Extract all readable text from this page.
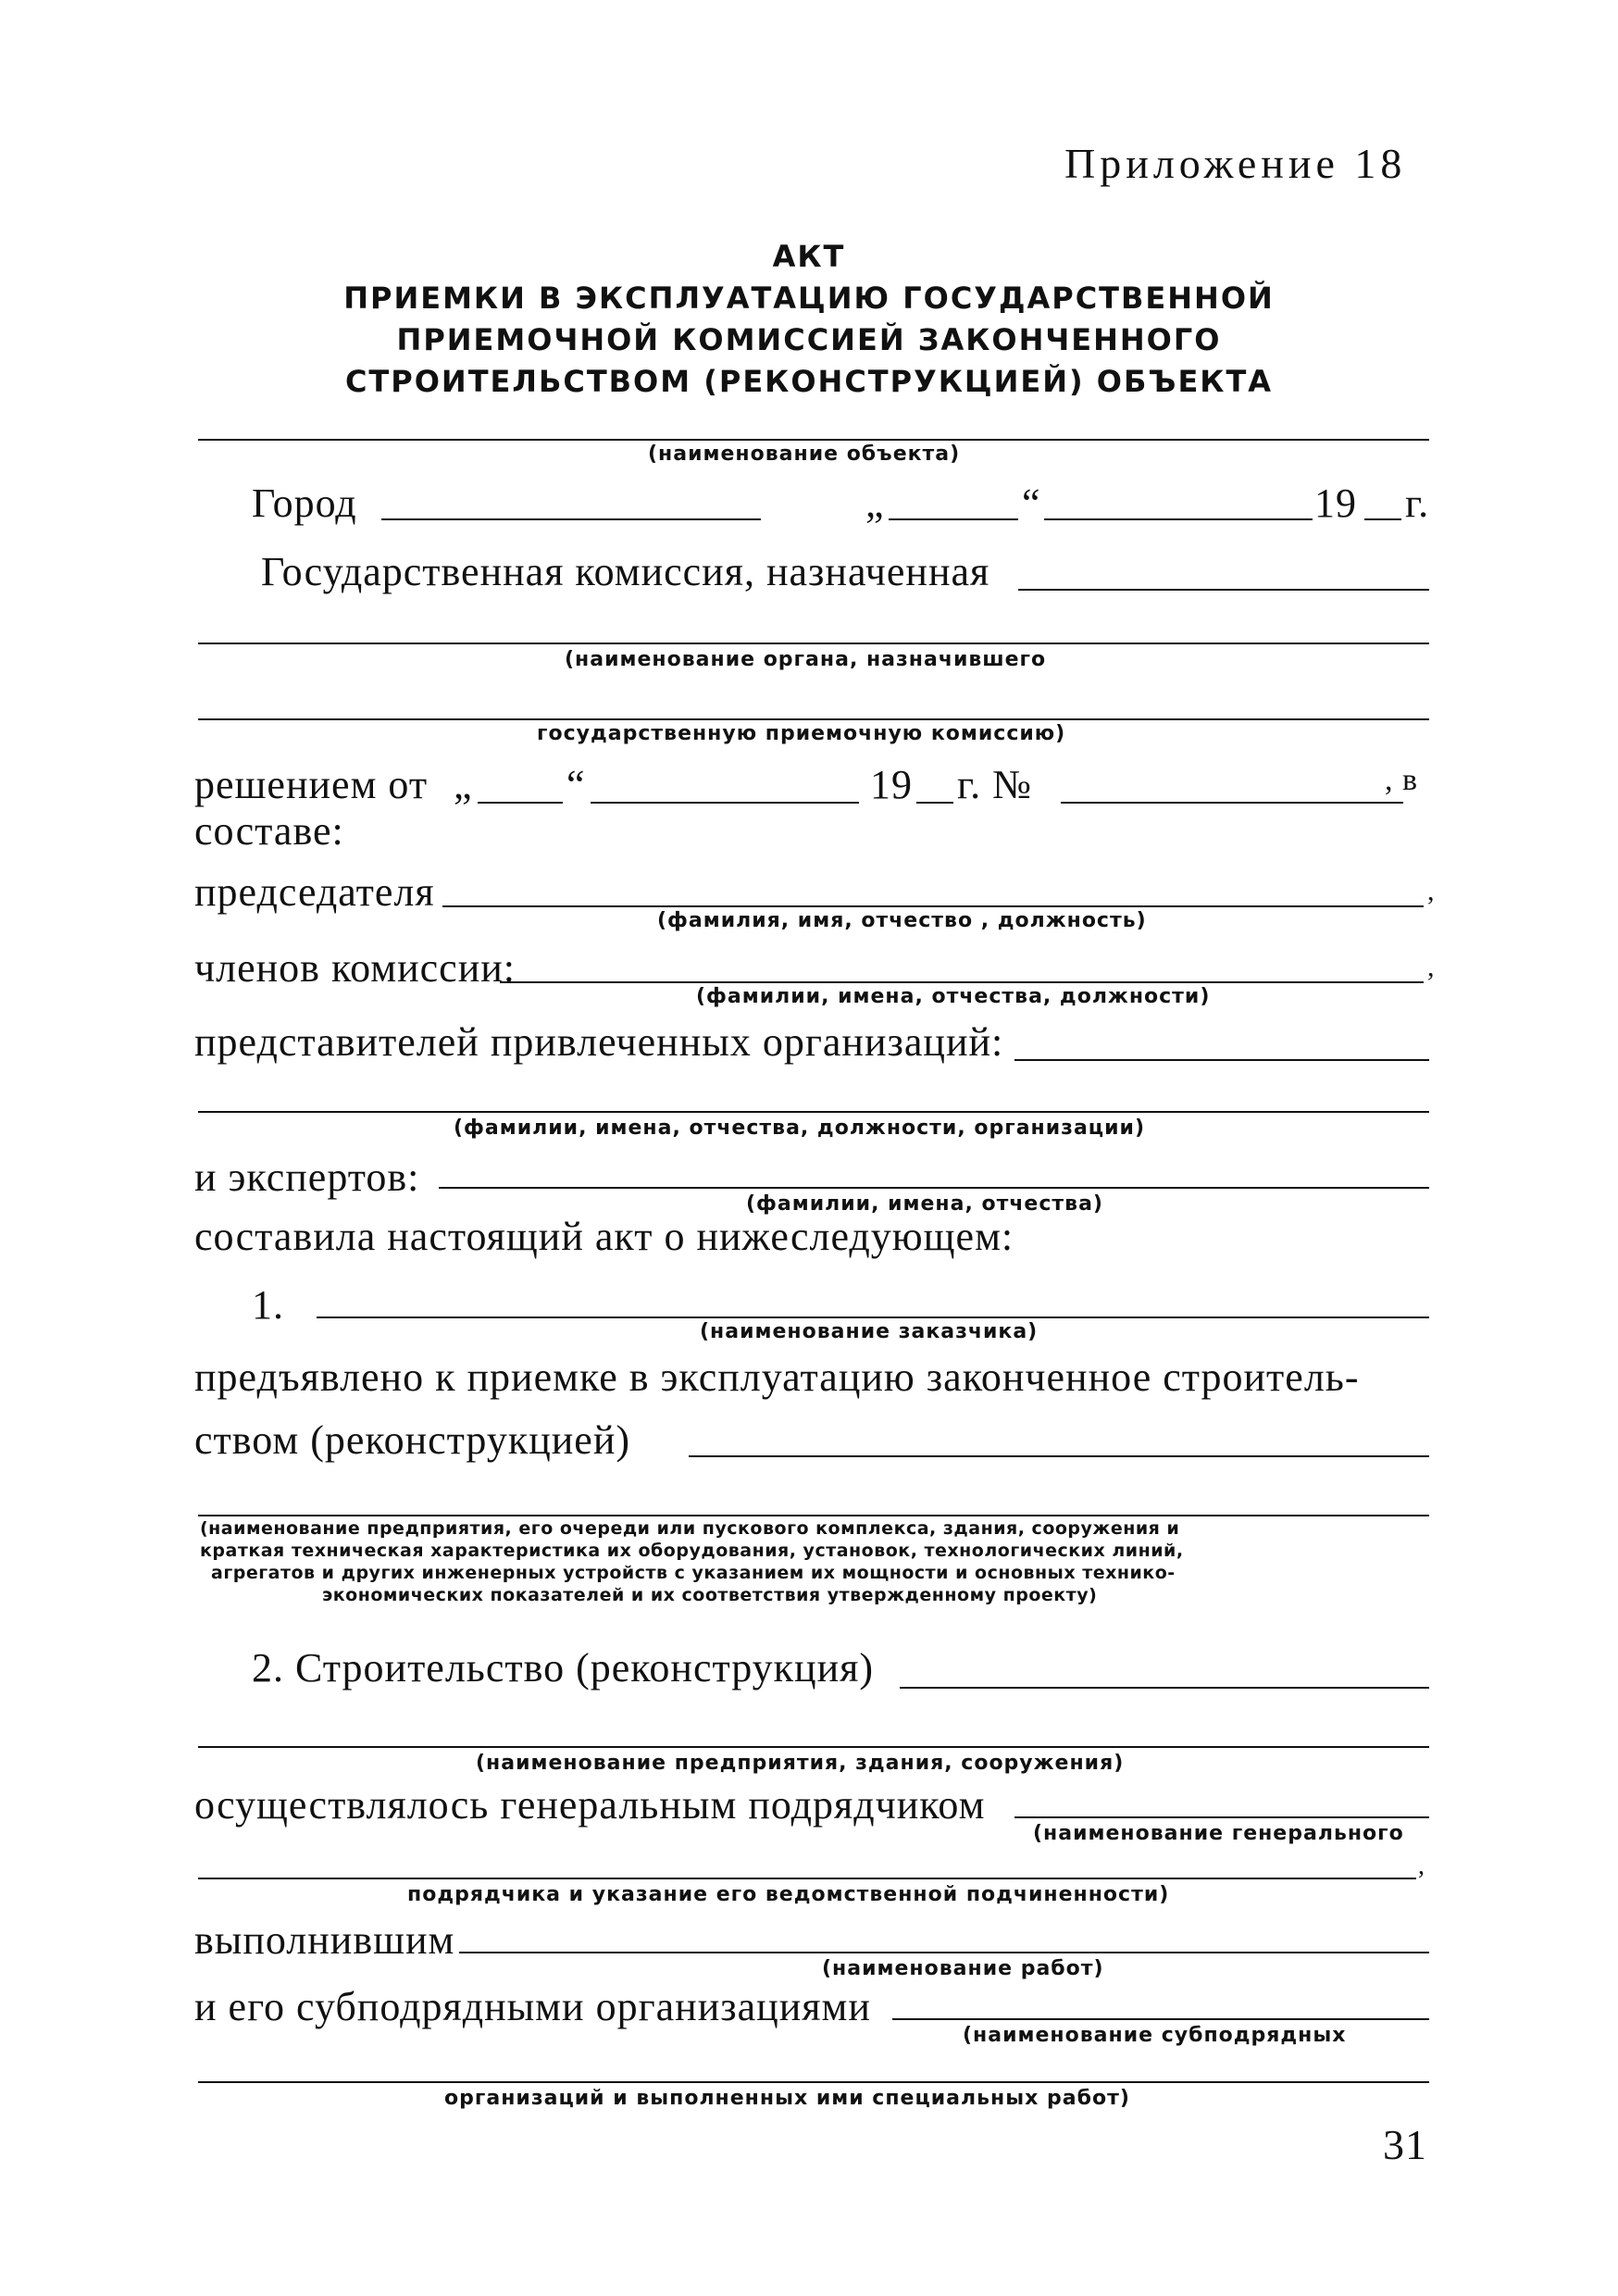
Приложение 18
АКТ
ПРИЕМКИ В ЭКСПЛУАТАЦИЮ ГОСУДАРСТВЕННОЙ
ПРИЕМОЧНОЙ КОМИССИЕЙ ЗАКОНЧЕННОГО
СТРОИТЕЛЬСТВОМ (РЕКОНСТРУКЦИЕЙ) ОБЪЕКТА
(наименование объекта)
Город	„	“	19 г.
Государственная комиссия, назначенная
(наименование органа, назначившего
государственную приемочную комиссию)
решением от „ “	19 г. №	, в
составе:
председателя	,
(фамилия, имя, отчество , должность)
членов комиссии:	,
(фамилии, имена, отчества, должности)
представителей привлеченных организаций:
(фамилии, имена, отчества, должности, организации)
и экспертов:
(фамилии, имена, отчества)
составила настоящий акт о нижеследующем:
1.
(наименование заказчика)
предъявлено к приемке в эксплуатацию законченное строитель-
ством (реконструкцией)
(наименование предприятия, его очереди или пускового комплекса, здания, сооружения и
краткая техническая характеристика их оборудования, установок, технологических линий,
агрегатов и других инженерных устройств с указанием их мощности и основных технико-
экономических показателей и их соответствия утвержденному проекту)
2. Строительство (реконструкция)
(наименование предприятия, здания, сооружения)
осуществлялось генеральным подрядчиком
(наименование генерального
,
подрядчика и указание его ведомственной подчиненности)
выполнившим
(наименование работ)
и его субподрядными организациями
(наименование субподрядных
организаций и выполненных ими специальных работ)
31
